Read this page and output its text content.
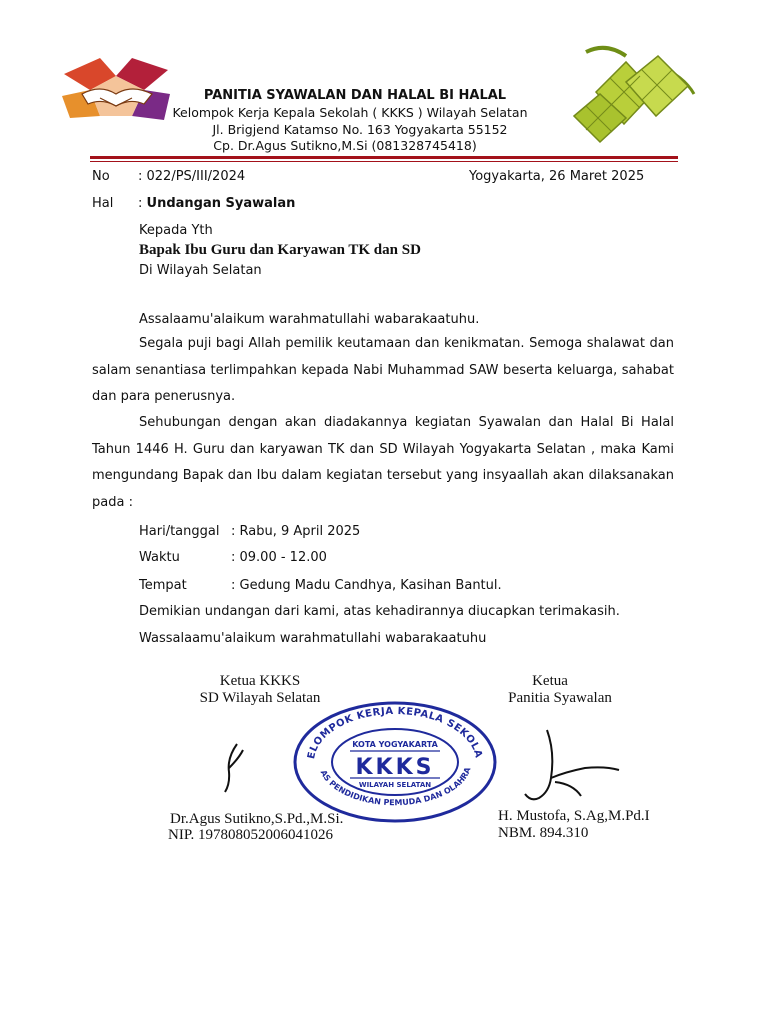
PANITIA SYAWALAN DAN HALAL BI HALAL
Kelompok Kerja Kepala Sekolah ( KKKS ) Wilayah Selatan
Jl. Brigjend Katamso No. 163 Yogyakarta 55152
Cp. Dr.Agus Sutikno,M.Si (081328745418)
No : 022/PS/III/2024	Yogyakarta, 26 Maret 2025
Hal : Undangan Syawalan
Kepada Yth
Bapak Ibu Guru dan Karyawan TK dan SD
Di Wilayah Selatan
Assalaamu'alaikum warahmatullahi wabarakaatuhu.
Segala puji bagi Allah pemilik keutamaan dan kenikmatan. Semoga shalawat dan salam senantiasa terlimpahkan kepada Nabi Muhammad SAW beserta keluarga, sahabat dan para penerusnya.
Sehubungan dengan akan diadakannya kegiatan Syawalan dan Halal Bi Halal Tahun 1446 H. Guru dan karyawan TK dan SD Wilayah Yogyakarta Selatan , maka Kami mengundang Bapak dan Ibu dalam kegiatan tersebut yang insyaallah akan dilaksanakan pada :
Hari/tanggal : Rabu, 9 April 2025
Waktu	: 09.00 - 12.00
Tempat	: Gedung Madu Candhya, Kasihan Bantul.
Demikian undangan dari kami, atas kehadirannya diucapkan terimakasih.
Wassalaamu'alaikum warahmatullahi wabarakaatuhu
Ketua KKKS
SD Wilayah Selatan
Dr.Agus Sutikno,S.Pd.,M.Si.
NIP. 197808052006041026
ELOMPOK KERJA KEPALA SEKOLA
AS PENDIDIKAN PEMUDA DAN OLAHRA
KOTA YOGYAKARTA
KKKS
WILAYAH SELATAN
Ketua
Panitia Syawalan
H. Mustofa, S.Ag,M.Pd.I
NBM. 894.310
